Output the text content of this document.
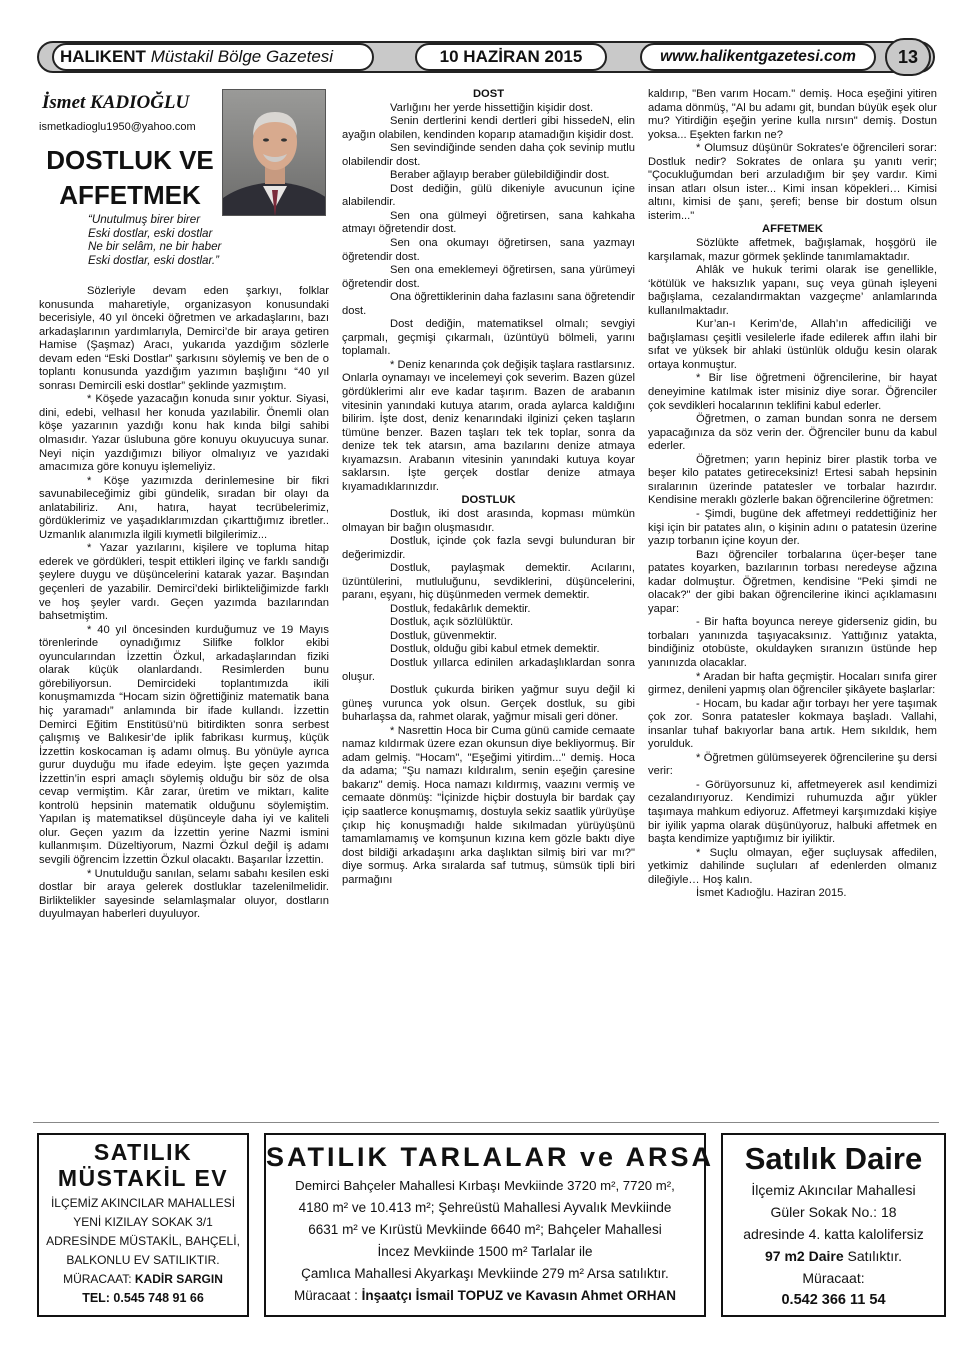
HALIKENT Müstakil Bölge Gazetesi	10 HAZİRAN 2015	www.halikentgazetesi.com	13
İsmet KADIOĞLU
ismetkadioglu1950@yahoo.com
DOSTLUK VE
AFFETMEK
“Unutulmuş birer birer
Eski dostlar, eski dostlar
Ne bir selâm, ne bir haber
Eski dostlar, eski dostlar.”

Sözleriyle devam eden şarkıyı, folklar konusunda maharetiyle, organizasyon konusundaki becerisiyle, 40 yıl önceki öğretmen ve arkadaşlarını, bazı arkadaşlarının yardımlarıyla, Demirci’de bir araya getiren Hamise (Şaşmaz) Aracı, yukarıda yazdığım sözlerle devam eden “Eski Dostlar” şarkısını söylemiş ve ben de o toplantı konusunda yazdığım yazımın başlığını “40 yıl sonrası Demircili eski dostlar” şeklinde yazmıştım.

* Köşede yazacağın konuda sınır yoktur. Siyasi, dini, edebi, velhasıl her konuda yazılabilir. Önemli olan köşe yazarının yazdığı konu hak kında bilgi sahibi olmasıdır. Yazar üslubuna göre konuyu okuyucuya sunar. Neyi niçin yazdığımızı biliyor olmalıyız ve yazıdaki amacımıza göre konuyu işlemeliyiz.

* Köşe yazımızda derinlemesine bir fikri savunabileceğimiz gibi gündelik, sıradan bir olayı da anlatabiliriz. Anı, hatıra, hayat tecrübelerimiz, gördüklerimiz ve yaşadıklarımızdan çıkarttığımız ibretler.. Uzmanlık alanımızla ilgili kıymetli bilgilerimiz...

* Yazar yazılarını, kişilere ve topluma hitap ederek ve gördükleri, tespit ettikleri ilginç ve farklı sandığı şeylere duygu ve düşüncelerini katarak yazar. Başından geçenleri de yazabilir. Demirci’deki birlikteliğimizde farklı ve hoş şeyler vardı. Geçen yazımda bazılarından bahsetmiştim.

* 40 yıl öncesinden kurduğumuz ve 19 Mayıs törenlerinde oynadığımız Silifke folklor ekibi oyuncularından İzzettin Özkul, arkadaşlarından fiziki olarak küçük olanlardandı. Resimlerden bunu görebiliyorsun. Demircideki toplantımızda ikili konuşmamızda “Hocam sizin öğrettiğiniz matematik bana hiç yaramadı” anlamında bir ifade kullandı. İzzettin Demirci Eğitim Enstitüsü’nü bitirdikten sonra serbest çalışmış ve Balıkesir’de iplik fabrikası kurmuş, küçük İzzettin koskocaman iş adamı olmuş. Bu yönüyle ayrıca gurur duyduğu mu ifade edeyim. İşte geçen yazımda İzzettin’in espri amaçlı söylemiş olduğu bir söz de olsa cevap vermiştim. Kâr zarar, üretim ve miktarı, kalite kontrolü hepsinin matematik olduğunu söylemiştim. Yapılan iş matematiksel düşünceyle daha iyi ve kaliteli olur. Geçen yazım da İzzettin yerine Nazmi ismini kullanmışım. Düzeltiyorum, Nazmi Özkul değil iş adamı sevgili öğrencim İzzettin Özkul olacaktı. Başarılar İzzettin.

* Unutulduğu sanılan, selamı sabahı kesilen eski dostlar bir araya gelerek dostluklar tazelenilmelidir. Birliktelikler sayesinde selamlaşmalar oluyor, dostların duyulmayan haberleri duyuluyor.

DOST

Varlığını her yerde hissettiğin kişidir dost.

Senin dertlerini kendi dertleri gibi hissedeN, elin ayağın olabilen, kendinden koparıp atamadığın kişidir dost.

Sen sevindiğinde senden daha çok sevinip mutlu olabilendir dost.

Beraber ağlayıp beraber gülebildiğindir dost.

Dost dediğin, gülü dikeniyle avucunun içine alabilendir.

Sen ona gülmeyi öğretirsen, sana kahkaha atmayı öğretendir dost.

Sen ona okumayı öğretirsen, sana yazmayı öğretendir dost.

Sen ona emeklemeyi öğretirsen, sana yürümeyi öğretendir dost.

Ona öğrettiklerinin daha fazlasını sana öğretendir dost.

Dost dediğin, matematiksel olmalı; sevgiyi çarpmalı, geçmişi çıkarmalı, üzüntüyü bölmeli, yarını toplamalı.

* Deniz kenarında çok değişik taşlara rastlarsınız. Onlarla oynamayı ve incelemeyi çok severim. Bazen güzel gördüklerimi alır eve kadar taşırım. Bazen de arabanın vitesinin yanındaki kutuya atarım, orada aylarca kaldığını bilirim. İşte dost, deniz kenarındaki ilginizi çeken taşların tümüne benzer. Bazen taşları tek tek toplar, sonra da denize tek tek atarsın, ama bazılarını denize atmaya kıyamazsın. Arabanın vitesinin yanındaki kutuya koyar saklarsın. İşte gerçek dostlar denize atmaya kıyamadıklarınızdır.

DOSTLUK

Dostluk, iki dost arasında, kopması mümkün olmayan bir bağın oluşmasıdır.

Dostluk, içinde çok fazla sevgi bulunduran bir değerimizdir.

Dostluk, paylaşmak demektir. Acılarını, üzüntülerini, mutluluğunu, sevdiklerini, düşüncelerini, paranı, eşyanı, hiç düşünmeden vermek demektir.

Dostluk, fedakârlık demektir.

Dostluk, açık sözlülüktür.

Dostluk, güvenmektir.

Dostluk, olduğu gibi kabul etmek demektir.

Dostluk yıllarca edinilen arkadaşlıklardan sonra oluşur.

Dostluk çukurda biriken yağmur suyu değil ki güneş vurunca yok olsun. Gerçek dostluk, su gibi buharlaşsa da, rahmet olarak, yağmur misali geri döner.

* Nasrettin Hoca bir Cuma günü camide cemaate namaz kıldırmak üzere ezan okunsun diye bekliyormuş. Bir adam gelmiş. "Hocam", "Eşeğimi yitirdim..." demiş. Hoca da adama; "Şu namazı kıldıralım, senin eşeğin çaresine bakarız" demiş. Hoca namazı kıldırmış, vaazını vermiş ve cemaate dönmüş: "İçinizde hiçbir dostuyla bir bardak çay içip saatlerce konuşmamış, dostuyla sekiz saatlik yürüyüşe çıkıp hiç konuşmadığı halde sıkılmadan yürüyüşünü tamamlamamış ve komşunun kızına kem gözle baktı diye dost bildiği arkadaşını arka daşlıktan silmiş biri var mı?" diye sormuş. Arka sıralarda saf tutmuş, sümsük tipli biri parmağını

kaldırıp, "Ben varım Hocam." demiş. Hoca eşeğini yitiren adama dönmüş, "Al bu adamı git, bundan büyük eşek olur mu? Yitirdiğin eşeğin yerine kulla nırsın" demiş. Dostun yoksa... Eşekten farkın ne?

* Olumsuz düşünür Sokrates'e öğrencileri sorar: Dostluk nedir? Sokrates de onlara şu yanıtı verir; "Çocukluğumdan beri arzuladığım bir şey vardır. Kimi insan atları olsun ister... Kimi insan köpekleri… Kimisi altını, kimisi de şanı, şerefi; bense bir dostum olsun isterim..."

AFFETMEK

Sözlükte affetmek, bağışlamak, hoşgörü ile karşılamak, mazur görmek şeklinde tanımlamaktadır.

Ahlâk ve hukuk terimi olarak ise genellikle, ‘kötülük ve haksızlık yapanı, suç veya günah işleyeni bağışlama, cezalandırmaktan vazgeçme’ anlamlarında kullanılmaktadır.

Kur’an-ı Kerim’de, Allah’ın affediciliği ve bağışlaması çeşitli vesilelerle ifade edilerek affın ilahi bir sıfat ve yüksek bir ahlaki üstünlük olduğu kesin olarak ortaya konmuştur.

* Bir lise öğretmeni öğrencilerine, bir hayat deneyimine katılmak ister misiniz diye sorar. Öğrenciler çok sevdikleri hocalarının teklifini kabul ederler.

Öğretmen, o zaman bundan sonra ne dersem yapacağınıza da söz verin der. Öğrenciler bunu da kabul ederler.

Öğretmen; yarın hepiniz birer plastik torba ve beşer kilo patates getireceksiniz! Ertesi sabah hepsinin sıralarının üzerinde patatesler ve torbalar hazırdır. Kendisine meraklı gözlerle bakan öğrencilerine öğretmen:

- Şimdi, bugüne dek affetmeyi reddettiğiniz her kişi için bir patates alın, o kişinin adını o patatesin üzerine yazıp torbanın içine koyun der.

Bazı öğrenciler torbalarına üçer-beşer tane patates koyarken, bazılarının torbası neredeyse ağzına kadar dolmuştur. Öğretmen, kendisine "Peki şimdi ne olacak?" der gibi bakan öğrencilerine ikinci açıklamasını yapar:

- Bir hafta boyunca nereye giderseniz gidin, bu torbaları yanınızda taşıyacaksınız. Yattığınız yatakta, bindiğiniz otobüste, okuldayken sıranızın üstünde hep yanınızda olacaklar.

* Aradan bir hafta geçmiştir. Hocaları sınıfa girer girmez, denileni yapmış olan öğrenciler şikâyete başlarlar:

- Hocam, bu kadar ağır torbayı her yere taşımak çok zor. Sonra patatesler kokmaya başladı. Vallahi, insanlar tuhaf bakıyorlar bana artık. Hem sıkıldık, hem yorulduk.

* Öğretmen gülümseyerek öğrencilerine şu dersi verir:

- Görüyorsunuz ki, affetmeyerek asıl kendimizi cezalandırıyoruz. Kendimizi ruhumuzda ağır yükler taşımaya mahkum ediyoruz. Affetmeyi karşımızdaki kişiye bir iyilik yapma olarak düşünüyoruz, halbuki affetmek en başta kendimize yaptığımız bir iyiliktir.

* Suçlu olmayan, eğer suçluysak affedilen, yetkimiz dahilinde suçluları af edenlerden olmanız dileğiyle… Hoş kalın.

İsmet Kadıoğlu. Haziran 2015.

SATILIK

MÜSTAKİL EV

İLÇEMİZ AKINCILAR MAHALLESİ

YENİ KIZILAY SOKAK 3/1

ADRESİNDE MÜSTAKİL, BAHÇELİ,

BALKONLU EV SATILIKTIR.

MÜRACAAT: KADİR SARGIN

TEL: 0.545 748 91 66

SATILIK TARLALAR ve ARSA

Demirci Bahçeler Mahallesi Kırbaşı Mevkiinde 3720 m², 7720 m²,

4180 m² ve 10.413 m²; Şehreüstü Mahallesi Ayvalık Mevkiinde

6631 m² ve Kırüstü Mevkiinde 6640 m²; Bahçeler Mahallesi

İncez Mevkiinde 1500 m² Tarlalar ile

Çamlıca Mahallesi Akyarkaşı Mevkiinde 279 m² Arsa satılıktır.

Müracaat : İnşaatçı İsmail TOPUZ ve Kavasın Ahmet ORHAN

Satılık Daire

İlçemiz Akıncılar Mahallesi

Güler Sokak No.: 18

adresinde 4. katta kalolifersiz

97 m2 Daire Satılıktır.

Müracaat:

0.542 366 11 54
